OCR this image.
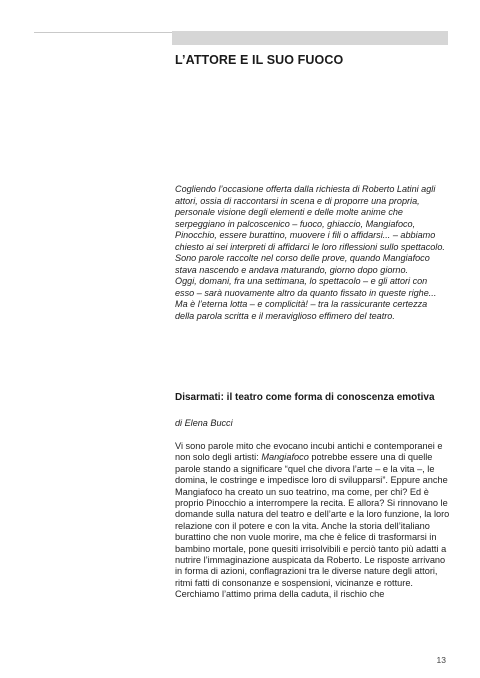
L’ATTORE E IL SUO FUOCO

Cogliendo l’occasione offerta dalla richiesta di Roberto Latini agli attori, ossia di raccontarsi in scena e di proporre una propria, personale visione degli elementi e delle molte anime che serpeggiano in palcoscenico – fuoco, ghiaccio, Mangiafoco, Pinocchio, essere burattino, muovere i fili o affidarsi... – abbiamo chiesto ai sei interpreti di affidarci le loro riflessioni sullo spettacolo.

Sono parole raccolte nel corso delle prove, quando Mangiafoco stava nascendo e andava maturando, giorno dopo giorno.

Oggi, domani, fra una settimana, lo spettacolo – e gli attori con esso – sarà nuovamente altro da quanto fissato in queste righe...

Ma è l’eterna lotta – e complicità! – tra la rassicurante certezza della parola scritta e il meraviglioso effimero del teatro.

Disarmati: il teatro come forma di conoscenza emotiva
di Elena Bucci

Vi sono parole mito che evocano incubi antichi e contemporanei e non solo degli artisti: Mangiafoco potrebbe essere una di quelle parole stando a significare “quel che divora l’arte – e la vita –, le domina, le costringe e impedisce loro di svilupparsi”. Eppure anche Mangiafoco ha creato un suo teatrino, ma come, per chi? Ed è proprio Pinocchio a interrompere la recita. E allora? Si rinnovano le domande sulla natura del teatro e dell’arte e la loro funzione, la loro relazione con il potere e con la vita. Anche la storia dell’italiano burattino che non vuole morire, ma che è felice di trasformarsi in bambino mortale, pone quesiti irrisolvibili e perciò tanto più adatti a nutrire l’immaginazione auspicata da Roberto. Le risposte arrivano in forma di azioni, conflagrazioni tra le diverse nature degli attori, ritmi fatti di consonanze e sospensioni, vicinanze e rotture. Cerchiamo l’attimo prima della caduta, il rischio che

13
